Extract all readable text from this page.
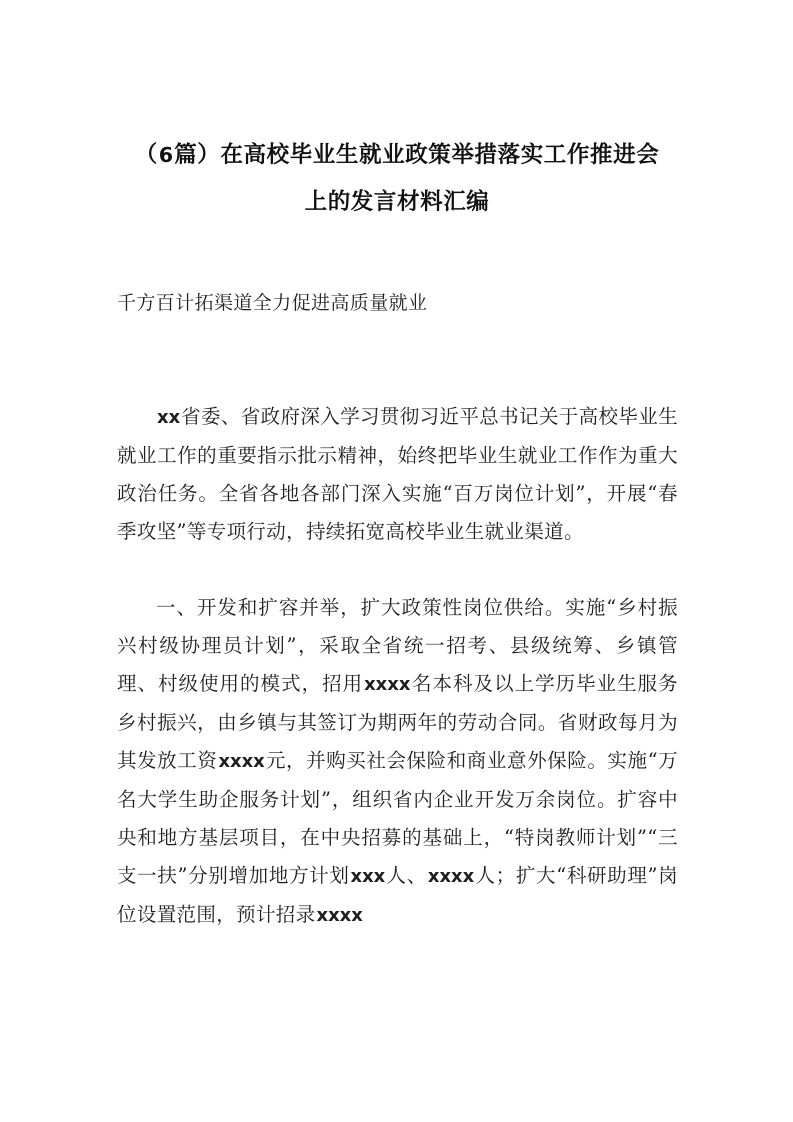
（6篇）在高校毕业生就业政策举措落实工作推进会
上的发言材料汇编

千方百计拓渠道全力促进高质量就业

xx省委、省政府深入学习贯彻习近平总书记关于高校毕业生就业工作的重要指示批示精神，始终把毕业生就业工作作为重大政治任务。全省各地各部门深入实施“百万岗位计划”，开展“春季攻坚”等专项行动，持续拓宽高校毕业生就业渠道。

一、开发和扩容并举，扩大政策性岗位供给。实施“乡村振兴村级协理员计划”，采取全省统一招考、县级统筹、乡镇管理、村级使用的模式，招用xxxx名本科及以上学历毕业生服务乡村振兴，由乡镇与其签订为期两年的劳动合同。省财政每月为其发放工资xxxx元，并购买社会保险和商业意外保险。实施“万名大学生助企服务计划”，组织省内企业开发万余岗位。扩容中央和地方基层项目，在中央招募的基础上，“特岗教师计划”“三支一扶”分别增加地方计划xxx人、xxxx人；扩大“科研助理”岗位设置范围，预计招录xxxx
